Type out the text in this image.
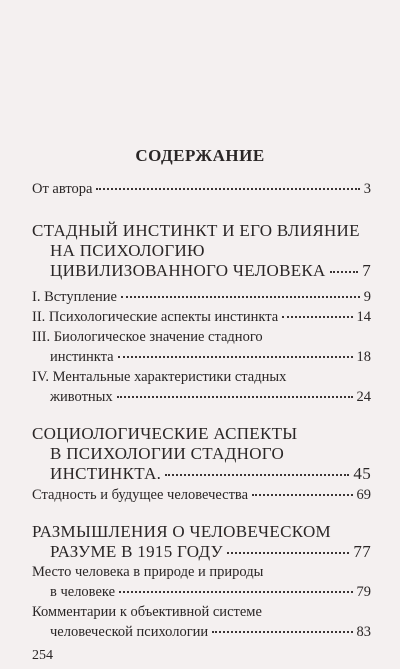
СОДЕРЖАНИЕ
От автора	3
СТАДНЫЙ ИНСТИНКТ И ЕГО ВЛИЯНИЕ
НА ПСИХОЛОГИЮ
ЦИВИЛИЗОВАННОГО ЧЕЛОВЕКА 7
I. Вступление	9
II. Психологические аспекты инстинкта	14
III. Биологическое значение стадного
инстинкта	18
IV. Ментальные характеристики стадных
животных	24
СОЦИОЛОГИЧЕСКИЕ АСПЕКТЫ
В ПСИХОЛОГИИ СТАДНОГО
ИНСТИНКТА.	45
Стадность и будущее человечества	69
РАЗМЫШЛЕНИЯ О ЧЕЛОВЕЧЕСКОМ
РАЗУМЕ В 1915 ГОДУ	77
Место человека в природе и природы
в человеке	79
Комментарии к объективной системе
человеческой психологии	83
254
